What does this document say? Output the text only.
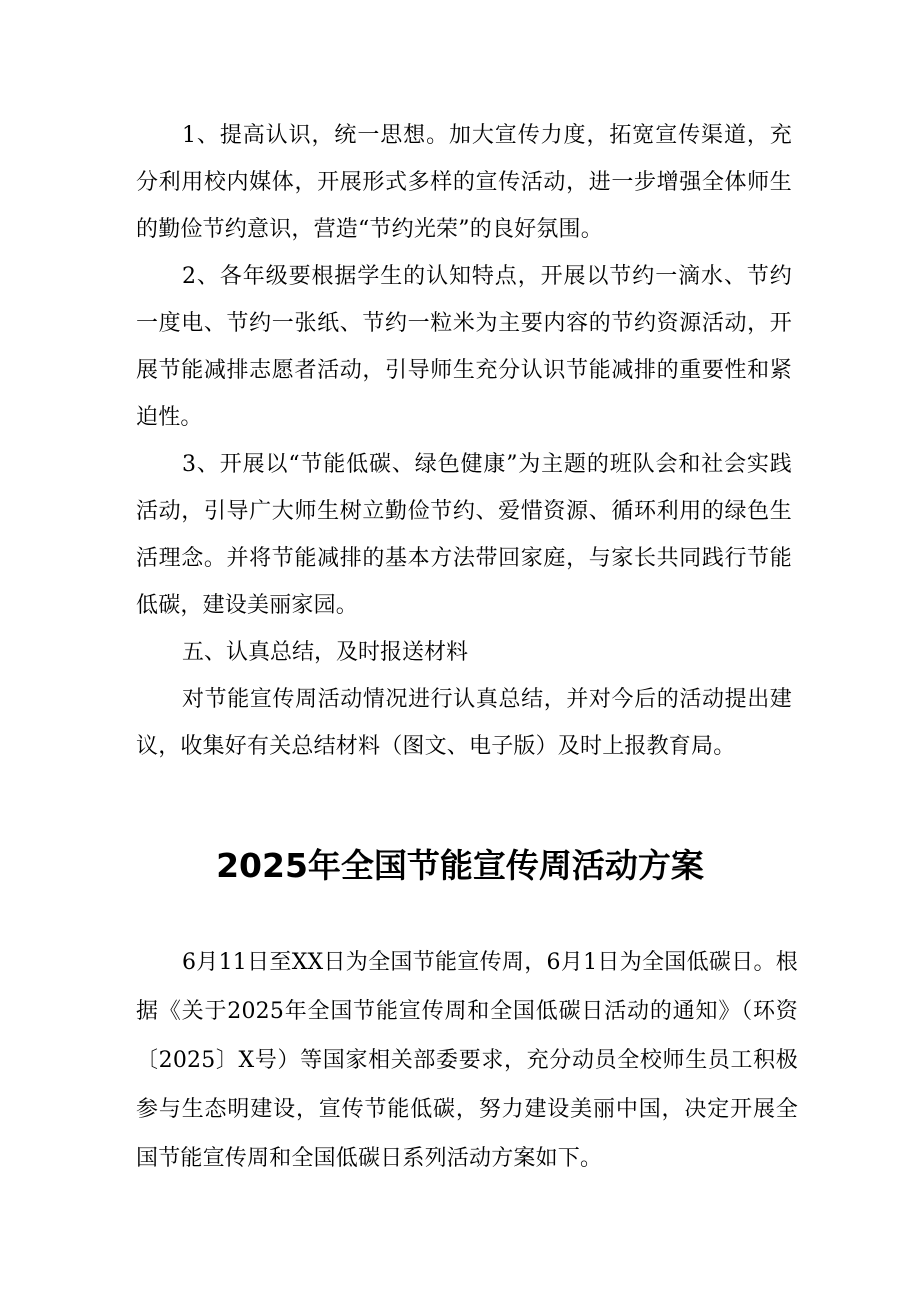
1、提高认识，统一思想。加大宣传力度，拓宽宣传渠道，充分利用校内媒体，开展形式多样的宣传活动，进一步增强全体师生的勤俭节约意识，营造“节约光荣”的良好氛围。

2、各年级要根据学生的认知特点，开展以节约一滴水、节约一度电、节约一张纸、节约一粒米为主要内容的节约资源活动，开展节能减排志愿者活动，引导师生充分认识节能减排的重要性和紧迫性。

3、开展以“节能低碳、绿色健康”为主题的班队会和社会实践活动，引导广大师生树立勤俭节约、爱惜资源、循环利用的绿色生活理念。并将节能减排的基本方法带回家庭，与家长共同践行节能低碳，建设美丽家园。

五、认真总结，及时报送材料

对节能宣传周活动情况进行认真总结，并对今后的活动提出建议，收集好有关总结材料（图文、电子版）及时上报教育局。

2025年全国节能宣传周活动方案

6月11日至XX日为全国节能宣传周，6月1日为全国低碳日。根据《关于2025年全国节能宣传周和全国低碳日活动的通知》（环资〔2025〕X号）等国家相关部委要求，充分动员全校师生员工积极参与生态明建设，宣传节能低碳，努力建设美丽中国，决定开展全国节能宣传周和全国低碳日系列活动方案如下。
